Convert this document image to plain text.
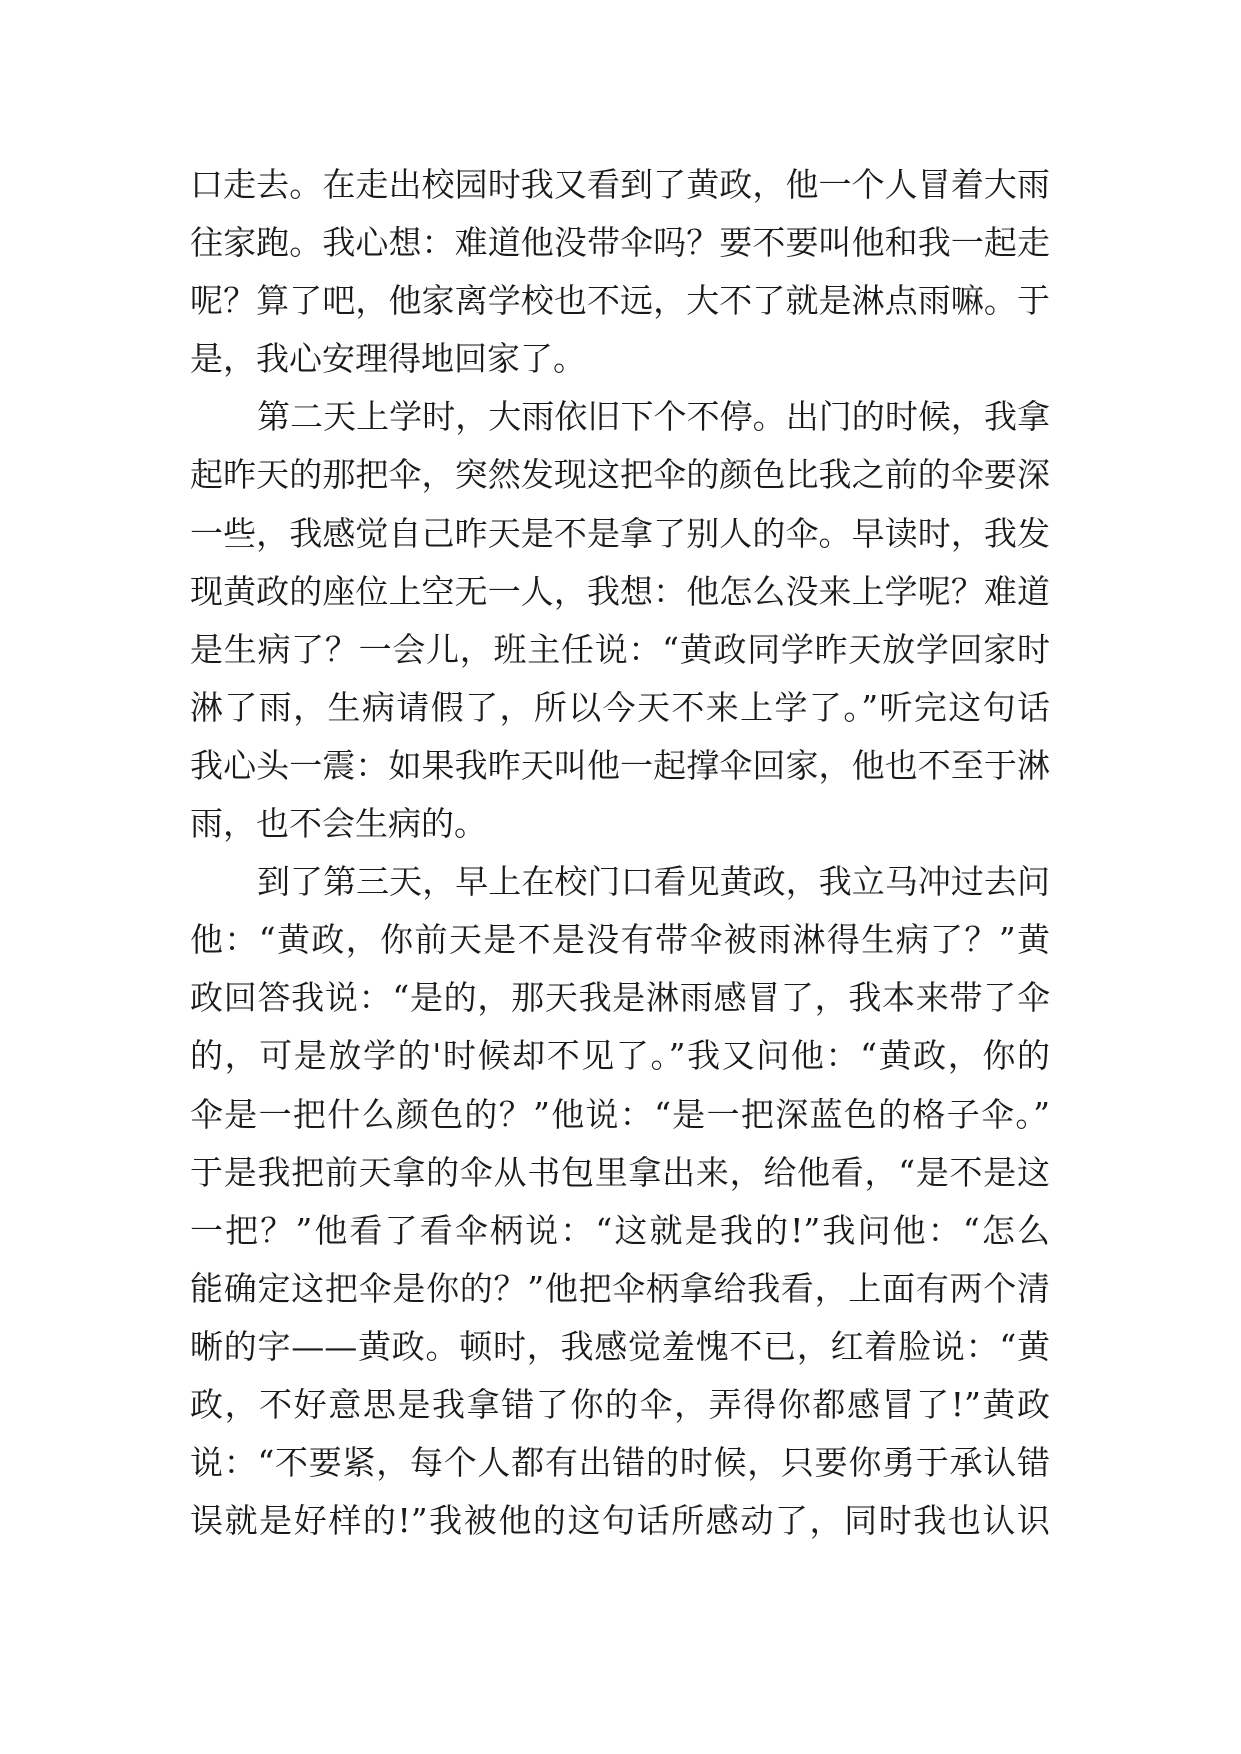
口走去。在走出校园时我又看到了黄政，他一个人冒着大雨
往家跑。我心想：难道他没带伞吗？要不要叫他和我一起走
呢？算了吧，他家离学校也不远，大不了就是淋点雨嘛。于
是，我心安理得地回家了。
第二天上学时，大雨依旧下个不停。出门的时候，我拿
起昨天的那把伞，突然发现这把伞的颜色比我之前的伞要深
一些，我感觉自己昨天是不是拿了别人的伞。早读时，我发
现黄政的座位上空无一人，我想：他怎么没来上学呢？难道
是生病了？一会儿，班主任说：“黄政同学昨天放学回家时
淋了雨，生病请假了，所以今天不来上学了。”听完这句话
我心头一震：如果我昨天叫他一起撑伞回家，他也不至于淋
雨，也不会生病的。
到了第三天，早上在校门口看见黄政，我立马冲过去问
他：“黄政，你前天是不是没有带伞被雨淋得生病了？”黄
政回答我说：“是的，那天我是淋雨感冒了，我本来带了伞
的，可是放学的'时候却不见了。”我又问他：“黄政，你的
伞是一把什么颜色的？”他说：“是一把深蓝色的格子伞。”
于是我把前天拿的伞从书包里拿出来，给他看，“是不是这
一把？”他看了看伞柄说：“这就是我的!”我问他：“怎么
能确定这把伞是你的？”他把伞柄拿给我看，上面有两个清
晰的字——黄政。顿时，我感觉羞愧不已，红着脸说：“黄
政，不好意思是我拿错了你的伞，弄得你都感冒了!”黄政
说：“不要紧，每个人都有出错的时候，只要你勇于承认错
误就是好样的!”我被他的这句话所感动了，同时我也认识
